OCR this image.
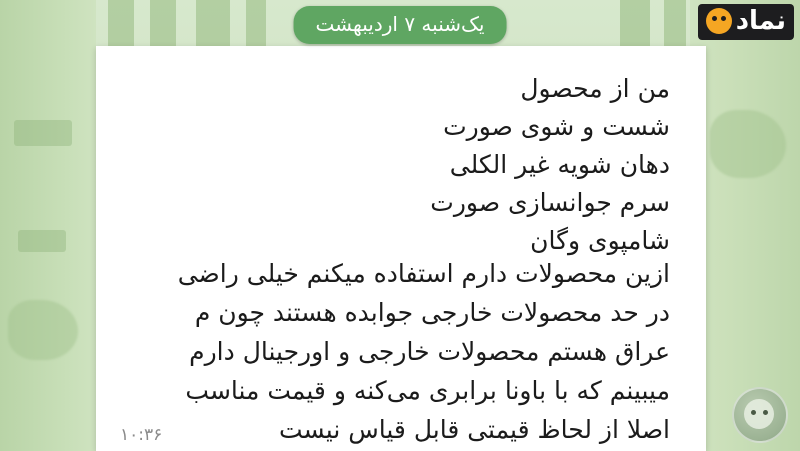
من از محصول
شست و شوی صورت
دهان شویه غیر الکلی
سرم جوانسازی صورت
شامپوی وگان
ازین محصولات دارم استفاده میکنم خیلی راضی
در حد محصولات خارجی جوابده هستند چون م
عراق هستم محصولات خارجی و اورجینال دارم
میبینم که با باونا برابری می‌کنه و قیمت مناسب
اصلا از لحاظ قیمتی قابل قیاس نیست
۱۰:۳۶
یک‌شنبه ۷ اردیبهشت	نماد
